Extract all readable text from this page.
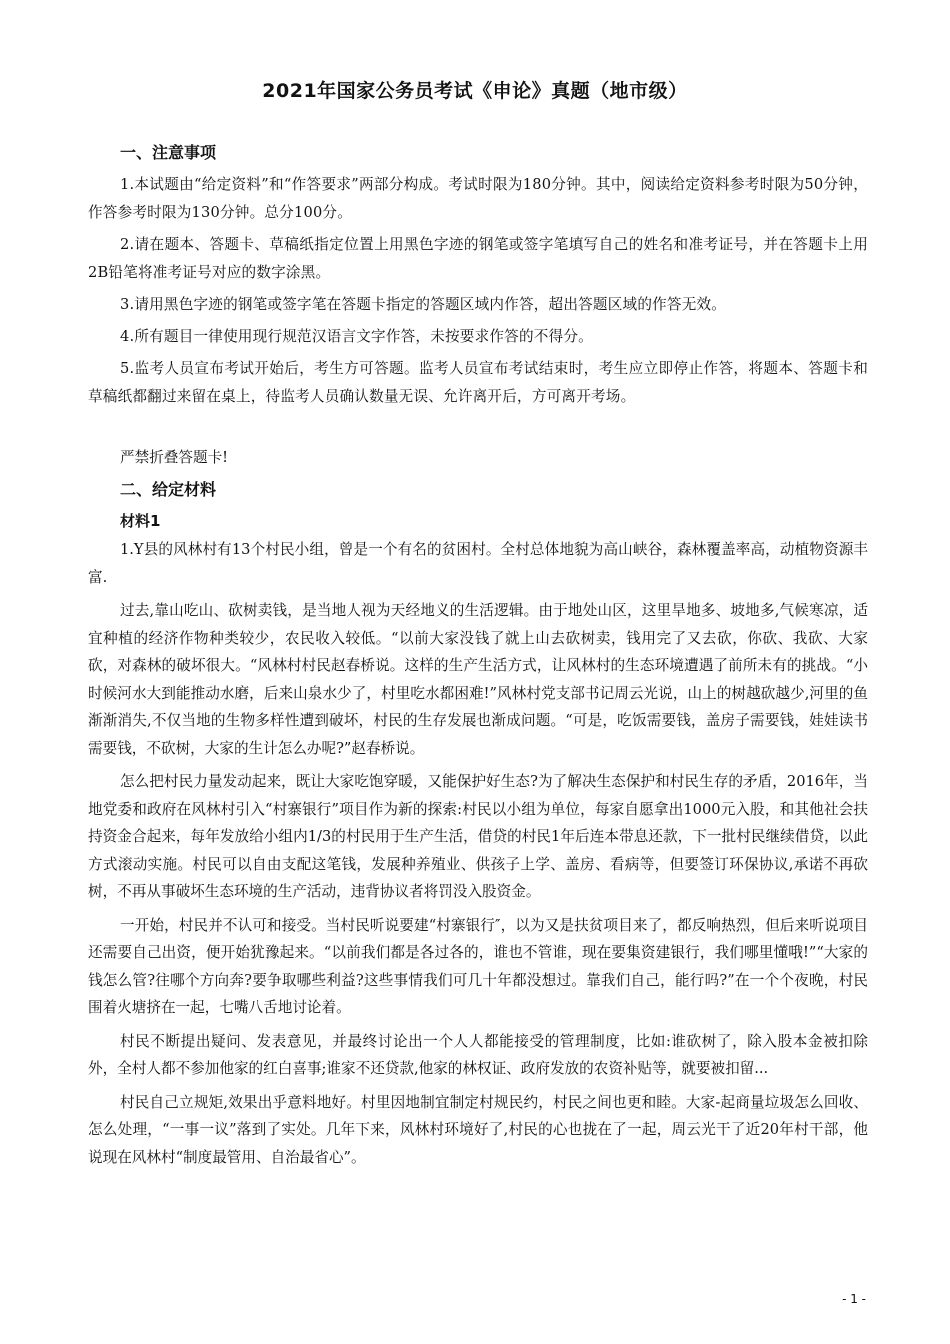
2021年国家公务员考试《申论》真题（地市级）
一、注意事项

1.本试题由“给定资料”和“作答要求”两部分构成。考试时限为180分钟。其中，阅读给定资料参考时限为50分钟，作答参考时限为130分钟。总分100分。

2.请在题本、答题卡、草稿纸指定位置上用黑色字迹的钢笔或签字笔填写自己的姓名和准考证号，并在答题卡上用2B铅笔将准考证号对应的数字涂黑。

3.请用黑色字迹的钢笔或签字笔在答题卡指定的答题区域内作答，超出答题区域的作答无效。

4.所有题目一律使用现行规范汉语言文字作答，未按要求作答的不得分。

5.监考人员宣布考试开始后，考生方可答题。监考人员宣布考试结束时，考生应立即停止作答，将题本、答题卡和草稿纸都翻过来留在桌上，待监考人员确认数量无误、允许离开后，方可离开考场。

严禁折叠答题卡!

二、给定材料
材料1

1.Y县的风林村有13个村民小组，曾是一个有名的贫困村。全村总体地貌为高山峡谷，森林覆盖率高，动植物资源丰富.

过去,靠山吃山、砍树卖钱，是当地人视为天经地义的生活逻辑。由于地处山区，这里旱地多、坡地多,气候寒凉，适宜种植的经济作物种类较少，农民收入较低。“以前大家没钱了就上山去砍树卖，钱用完了又去砍，你砍、我砍、大家砍，对森林的破坏很大。“风林村村民赵春桥说。这样的生产生活方式，让风林村的生态环境遭遇了前所未有的挑战。“小时候河水大到能推动水磨，后来山泉水少了，村里吃水都困难!”风林村党支部书记周云光说，山上的树越砍越少,河里的鱼渐渐消失,不仅当地的生物多样性遭到破坏，村民的生存发展也渐成问题。“可是，吃饭需要钱，盖房子需要钱，娃娃读书需要钱，不砍树，大家的生计怎么办呢?”赵春桥说。

怎么把村民力量发动起来，既让大家吃饱穿暖，又能保护好生态?为了解决生态保护和村民生存的矛盾，2016年，当地党委和政府在风林村引入“村寨银行”项目作为新的探索:村民以小组为单位，每家自愿拿出1000元入股，和其他社会扶持资金合起来，每年发放给小组内1/3的村民用于生产生活，借贷的村民1年后连本带息还款，下一批村民继续借贷，以此方式滚动实施。村民可以自由支配这笔钱，发展种养殖业、供孩子上学、盖房、看病等，但要签订环保协议,承诺不再砍树，不再从事破坏生态环境的生产活动，违背协议者将罚没入股资金。

一开始，村民并不认可和接受。当村民听说要建“村寨银行″，以为又是扶贫项目来了，都反响热烈，但后来听说项目还需要自己出资，便开始犹豫起来。“以前我们都是各过各的，谁也不管谁，现在要集资建银行，我们哪里懂哦!”“大家的钱怎么管?往哪个方向奔?要争取哪些利益?这些事情我们可几十年都没想过。靠我们自己，能行吗?”在一个个夜晚，村民围着火塘挤在一起，七嘴八舌地讨论着。

村民不断提出疑问、发表意见，并最终讨论出一个人人都能接受的管理制度，比如:谁砍树了，除入股本金被扣除外，全村人都不参加他家的红白喜事;谁家不还贷款,他家的林权证、政府发放的农资补贴等，就要被扣留...

村民自己立规矩,效果出乎意料地好。村里因地制宜制定村规民约，村民之间也更和睦。大家-起商量垃圾怎么回收、怎么处理，“一事一议”落到了实处。几年下来，风林村环境好了,村民的心也拢在了一起，周云光干了近20年村干部，他说现在风林村“制度最管用、自治最省心”。

- 1 -
